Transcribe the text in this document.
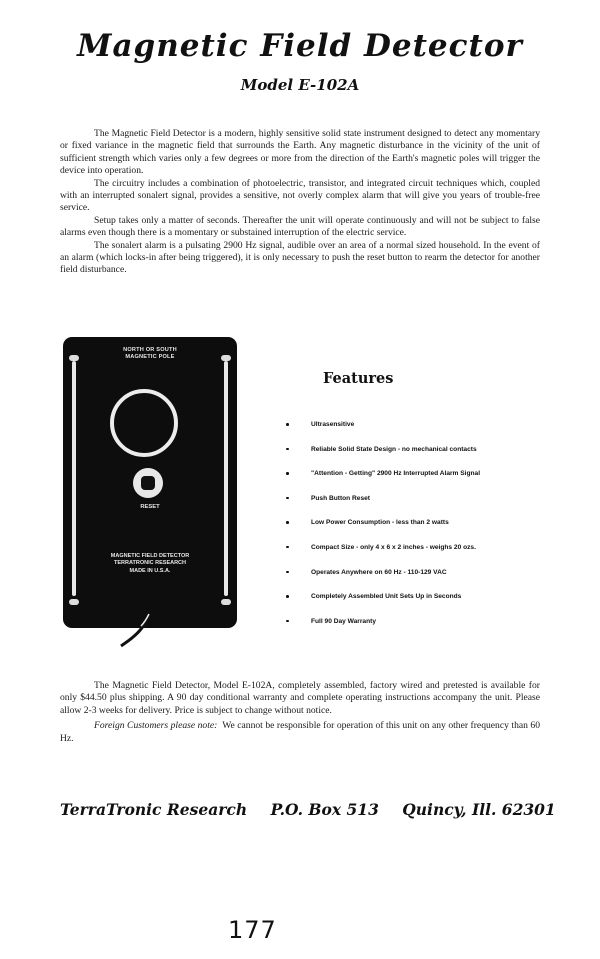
Magnetic Field Detector
Model E-102A

The Magnetic Field Detector is a modern, highly sensitive solid state instrument designed to detect any momentary or fixed variance in the magnetic field that surrounds the Earth. Any magnetic disturbance in the vicinity of the unit of sufficient strength which varies only a few degrees or more from the direction of the Earth's magnetic poles will trigger the device into operation.

The circuitry includes a combination of photoelectric, transistor, and integrated circuit techniques which, coupled with an interrupted sonalert signal, provides a sensitive, not overly complex alarm that will give you years of trouble-free service.

Setup takes only a matter of seconds. Thereafter the unit will operate continuously and will not be subject to false alarms even though there is a momentary or substained interruption of the electric service.

The sonalert alarm is a pulsating 2900 Hz signal, audible over an area of a normal sized household. In the event of an alarm (which locks-in after being triggered), it is only necessary to push the reset button to rearm the detector for another field disturbance.

NORTH OR SOUTH
MAGNETIC POLE
RESET
MAGNETIC FIELD DETECTOR
TERRATRONIC RESEARCH
MADE IN U.S.A.
Features
Ultrasensitive
Reliable Solid State Design - no mechanical contacts
"Attention - Getting" 2900 Hz Interrupted Alarm Signal
Push Button Reset
Low Power Consumption - less than 2 watts
Compact Size - only 4 x 6 x 2 inches - weighs 20 ozs.
Operates Anywhere on 60 Hz - 110-129 VAC
Completely Assembled Unit Sets Up in Seconds
Full 90 Day Warranty

The Magnetic Field Detector, Model E-102A, completely assembled, factory wired and pretested is available for only $44.50 plus shipping. A 90 day conditional warranty and complete operating instructions accompany the unit. Please allow 2-3 weeks for delivery. Price is subject to change without notice.

Foreign Customers please note: We cannot be responsible for operation of this unit on any other frequency than 60 Hz.

TerraTronic Research P.O. Box 513 Quincy, Ill. 62301
177
